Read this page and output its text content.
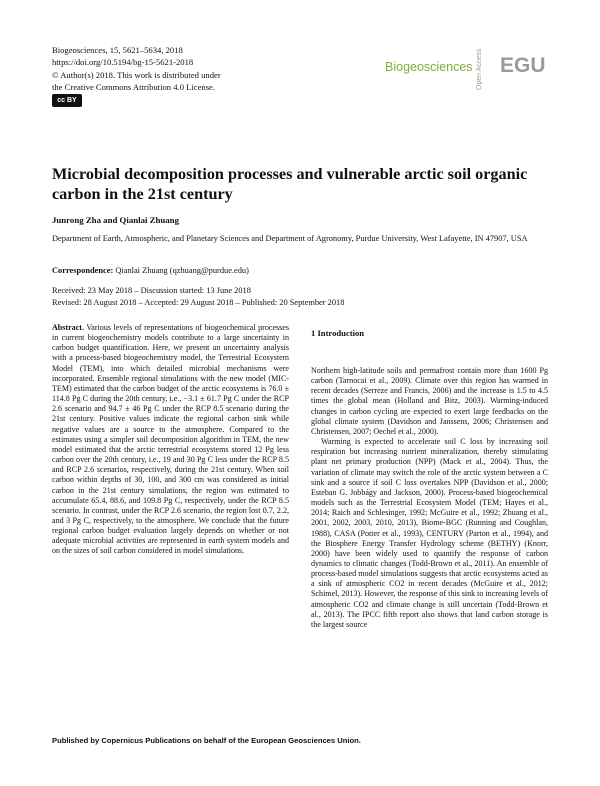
Biogeosciences, 15, 5621–5634, 2018
https://doi.org/10.5194/bg-15-5621-2018
© Author(s) 2018. This work is distributed under
the Creative Commons Attribution 4.0 License.
cc BY
Biogeosciences Open Access EGU
Microbial decomposition processes and vulnerable arctic soil organic carbon in the 21st century
Junrong Zha and Qianlai Zhuang
Department of Earth, Atmospheric, and Planetary Sciences and Department of Agronomy, Purdue University, West Lafayette, IN 47907, USA
Correspondence: Qianlai Zhuang (qzhuang@purdue.edu)
Received: 23 May 2018 – Discussion started: 13 June 2018
Revised: 28 August 2018 – Accepted: 29 August 2018 – Published: 20 September 2018
Abstract. Various levels of representations of biogeochemical processes in current biogeochemistry models contribute to a large uncertainty in carbon budget quantification. Here, we present an uncertainty analysis with a process-based biogeochemistry model, the Terrestrial Ecosystem Model (TEM), into which detailed microbial mechanisms were incorporated. Ensemble regional simulations with the new model (MIC-TEM) estimated that the carbon budget of the arctic ecosystems is 76.0 ± 114.8 Pg C during the 20th century, i.e., −3.1 ± 61.7 Pg C under the RCP 2.6 scenario and 94.7 ± 46 Pg C under the RCP 8.5 scenario during the 21st century. Positive values indicate the regional carbon sink while negative values are a source to the atmosphere. Compared to the estimates using a simpler soil decomposition algorithm in TEM, the new model estimated that the arctic terrestrial ecosystems stored 12 Pg less carbon over the 20th century, i.e., 19 and 30 Pg C less under the RCP 8.5 and RCP 2.6 scenarios, respectively, during the 21st century. When soil carbon within depths of 30, 100, and 300 cm was considered as initial carbon in the 21st century simulations, the region was estimated to accumulate 65.4, 88.6, and 109.8 Pg C, respectively, under the RCP 8.5 scenario. In contrast, under the RCP 2.6 scenario, the region lost 0.7, 2.2, and 3 Pg C, respectively, to the atmosphere. We conclude that the future regional carbon budget evaluation largely depends on whether or not adequate microbial activities are represented in earth system models and on the sizes of soil carbon considered in model simulations.
1 Introduction

Northern high-latitude soils and permafrost contain more than 1600 Pg carbon (Tarnocai et al., 2009). Climate over this region has warmed in recent decades (Serreze and Francis, 2006) and the increase is 1.5 to 4.5 times the global mean (Holland and Bitz, 2003). Warming-induced changes in carbon cycling are expected to exert large feedbacks on the global climate system (Davidson and Janssens, 2006; Christensen and Christensen, 2007; Oechel et al., 2000).

Warming is expected to accelerate soil C loss by increasing soil respiration but increasing nutrient mineralization, thereby stimulating plant net primary production (NPP) (Mack et al., 2004). Thus, the variation of climate may switch the role of the arctic system between a C sink and a source if soil C loss overtakes NPP (Davidson et al., 2000; Esteban G. Jobbágy and Jackson, 2000). Process-based biogeochemical models such as the Terrestrial Ecosystem Model (TEM; Hayes et al., 2014; Raich and Schlesinger, 1992; McGuire et al., 1992; Zhuang et al., 2001, 2002, 2003, 2010, 2013), Biome-BGC (Running and Coughlan, 1988), CASA (Potter et al., 1993), CENTURY (Parton et al., 1994), and the Biosphere Energy Transfer Hydrology scheme (BETHY) (Knorr, 2000) have been widely used to quantify the response of carbon dynamics to climatic changes (Todd-Brown et al., 2011). An ensemble of process-based model simulations suggests that arctic ecosystems acted as a sink of atmospheric CO2 in recent decades (McGuire et al., 2012; Schimel, 2013). However, the response of this sink to increasing levels of atmospheric CO2 and climate change is still uncertain (Todd-Brown et al., 2013). The IPCC fifth report also shows that land carbon storage is the largest source

Published by Copernicus Publications on behalf of the European Geosciences Union.
